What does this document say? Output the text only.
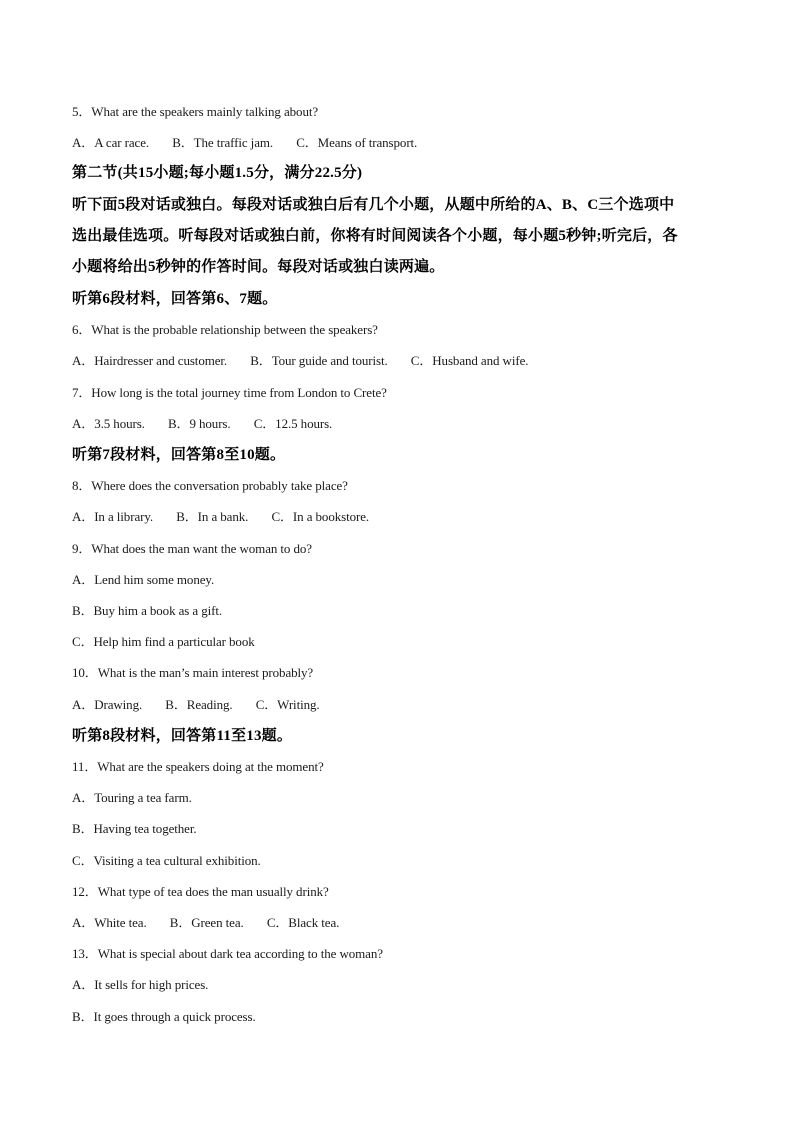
5．What are the speakers mainly talking about?
A．A car race. B．The traffic jam. C．Means of transport.
第二节(共15小题;每小题1.5分，满分22.5分)
听下面5段对话或独白。每段对话或独白后有几个小题，从题中所给的A、B、C三个选项中
选出最佳选项。听每段对话或独白前，你将有时间阅读各个小题，每小题5秒钟;听完后，各
小题将给出5秒钟的作答时间。每段对话或独白读两遍。
听第6段材料，回答第6、7题。
6．What is the probable relationship between the speakers?
A．Hairdresser and customer. B．Tour guide and tourist. C．Husband and wife.
7．How long is the total journey time from London to Crete?
A．3.5 hours. B．9 hours. C．12.5 hours.
听第7段材料，回答第8至10题。
8．Where does the conversation probably take place?
A．In a library. B．In a bank. C．In a bookstore.
9．What does the man want the woman to do?
A．Lend him some money.
B．Buy him a book as a gift.
C．Help him find a particular book
10．What is the man’s main interest probably?
A．Drawing. B．Reading. C．Writing.
听第8段材料，回答第11至13题。
11．What are the speakers doing at the moment?
A．Touring a tea farm.
B．Having tea together.
C．Visiting a tea cultural exhibition.
12．What type of tea does the man usually drink?
A．White tea. B．Green tea. C．Black tea.
13．What is special about dark tea according to the woman?
A．It sells for high prices.
B．It goes through a quick process.
